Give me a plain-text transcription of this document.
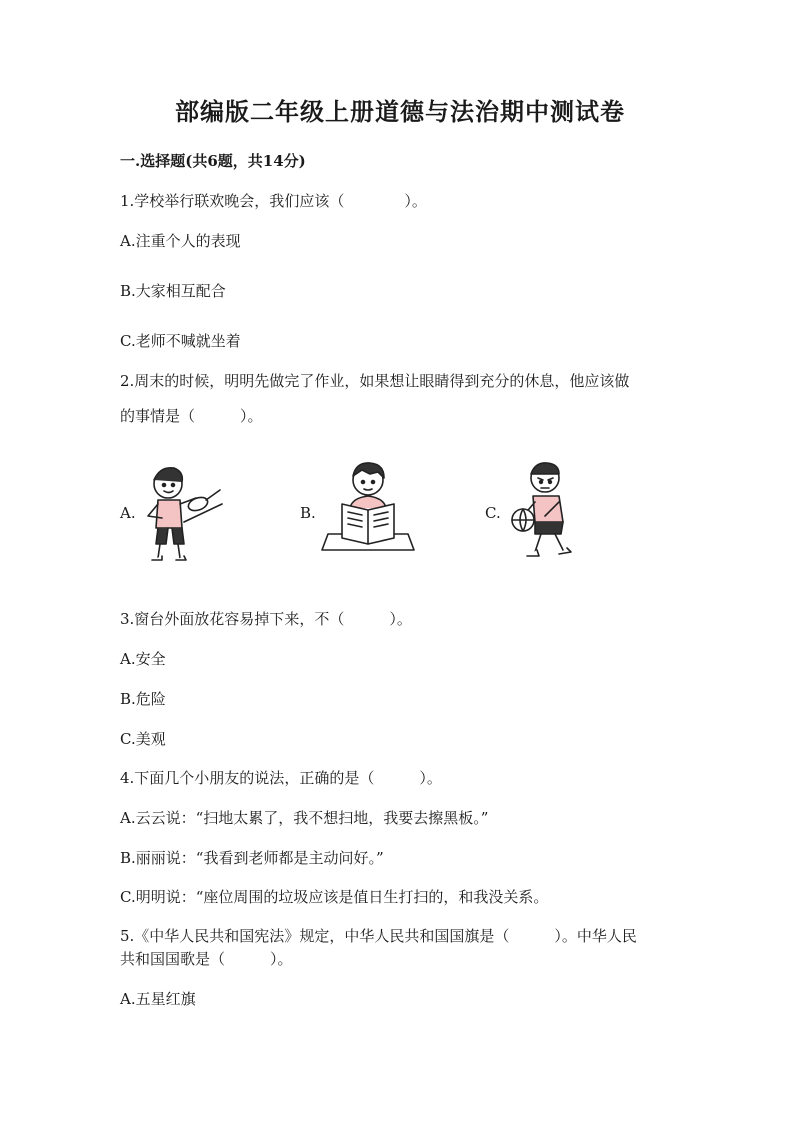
部编版二年级上册道德与法治期中测试卷
一.选择题(共6题，共14分)
1.学校举行联欢晚会，我们应该（　　　　）。
A.注重个人的表现
B.大家相互配合
C.老师不喊就坐着
2.周末的时候，明明先做完了作业，如果想让眼睛得到充分的休息，他应该做
的事情是（　　　）。
A.	B.	C.
3.窗台外面放花容易掉下来，不（　　　）。
A.安全
B.危险
C.美观
4.下面几个小朋友的说法，正确的是（　　　）。
A.云云说：“扫地太累了，我不想扫地，我要去擦黑板。”
B.丽丽说：“我看到老师都是主动问好。”
C.明明说：“座位周围的垃圾应该是值日生打扫的，和我没关系。
5.《中华人民共和国宪法》规定，中华人民共和国国旗是（　　　）。中华人民
共和国国歌是（　　　）。
A.五星红旗
